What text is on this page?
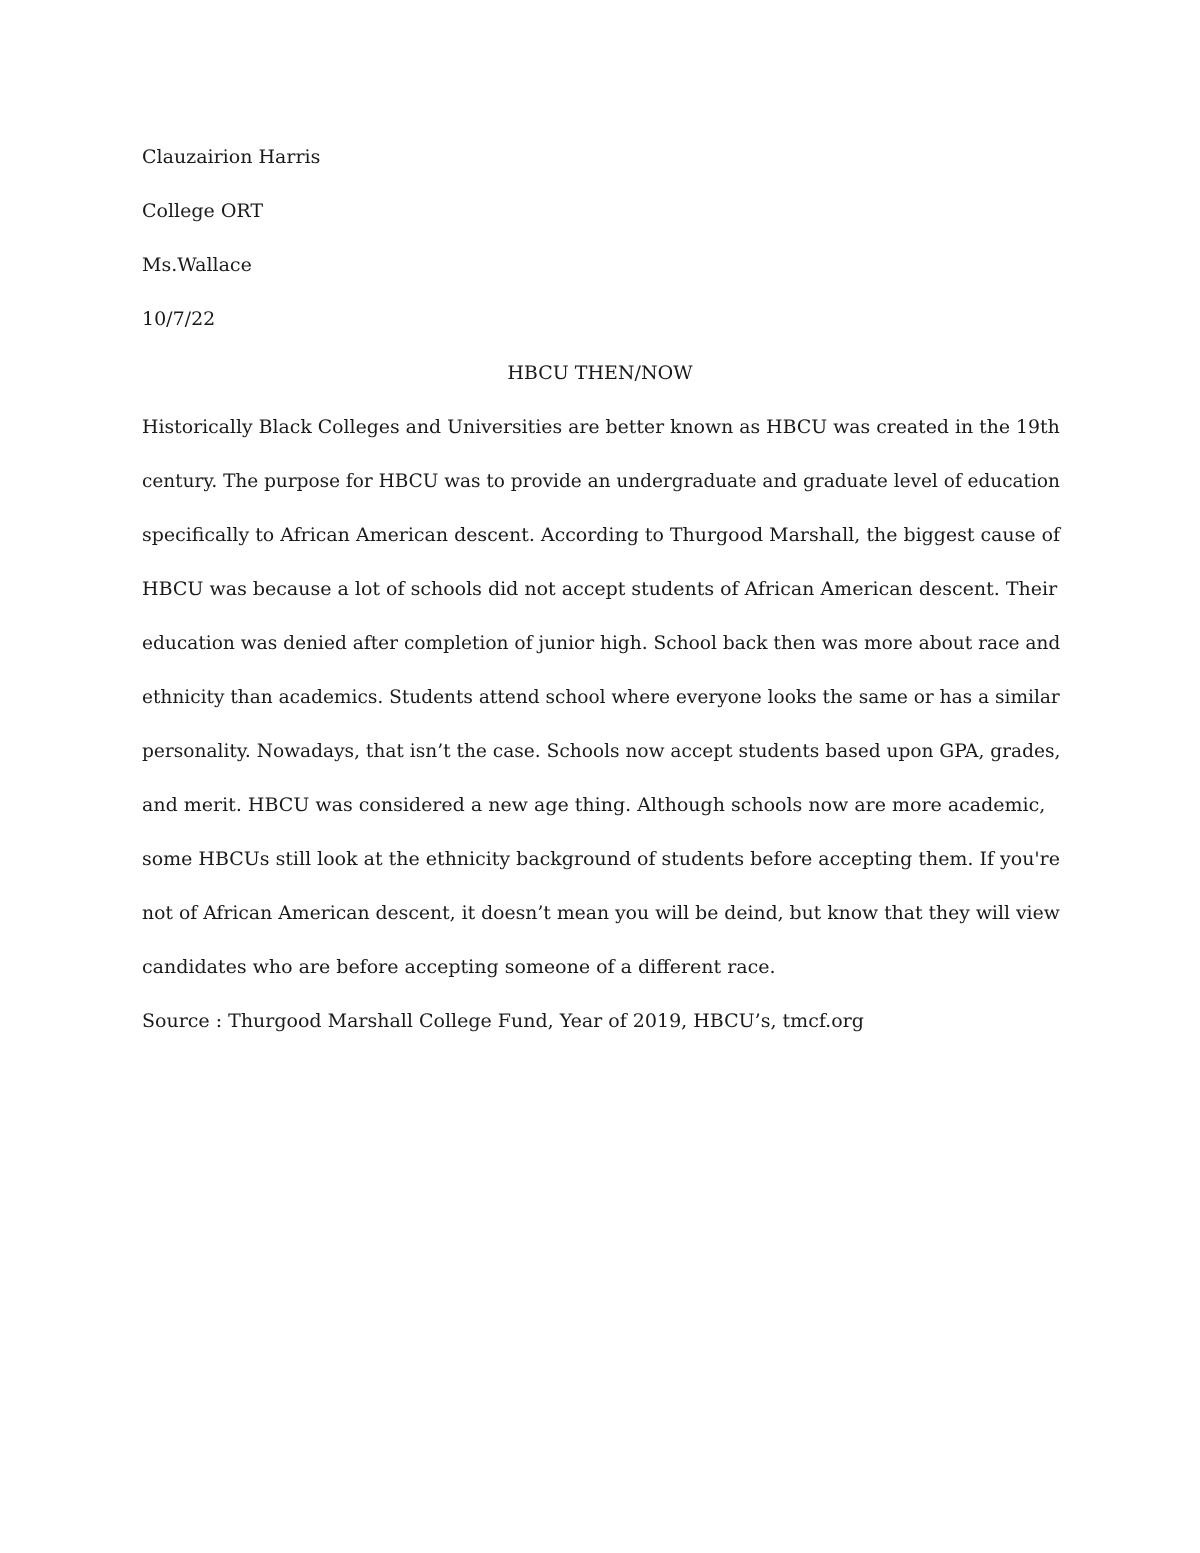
Clauzairion Harris
College ORT
Ms.Wallace
10/7/22
HBCU THEN/NOW
Historically Black Colleges and Universities are better known as HBCU was created in the 19th
century. The purpose for HBCU was to provide an undergraduate and graduate level of education
specifically to African American descent. According to Thurgood Marshall, the biggest cause of
HBCU was because a lot of schools did not accept students of African American descent. Their
education was denied after completion of junior high. School back then was more about race and
ethnicity than academics. Students attend school where everyone looks the same or has a similar
personality. Nowadays, that isn’t the case. Schools now accept students based upon GPA, grades,
and merit. HBCU was considered a new age thing. Although schools now are more academic,
some HBCUs still look at the ethnicity background of students before accepting them. If you're
not of African American descent, it doesn’t mean you will be deind, but know that they will view
candidates who are before accepting someone of a different race.
Source : Thurgood Marshall College Fund, Year of 2019, HBCU’s, tmcf.org
